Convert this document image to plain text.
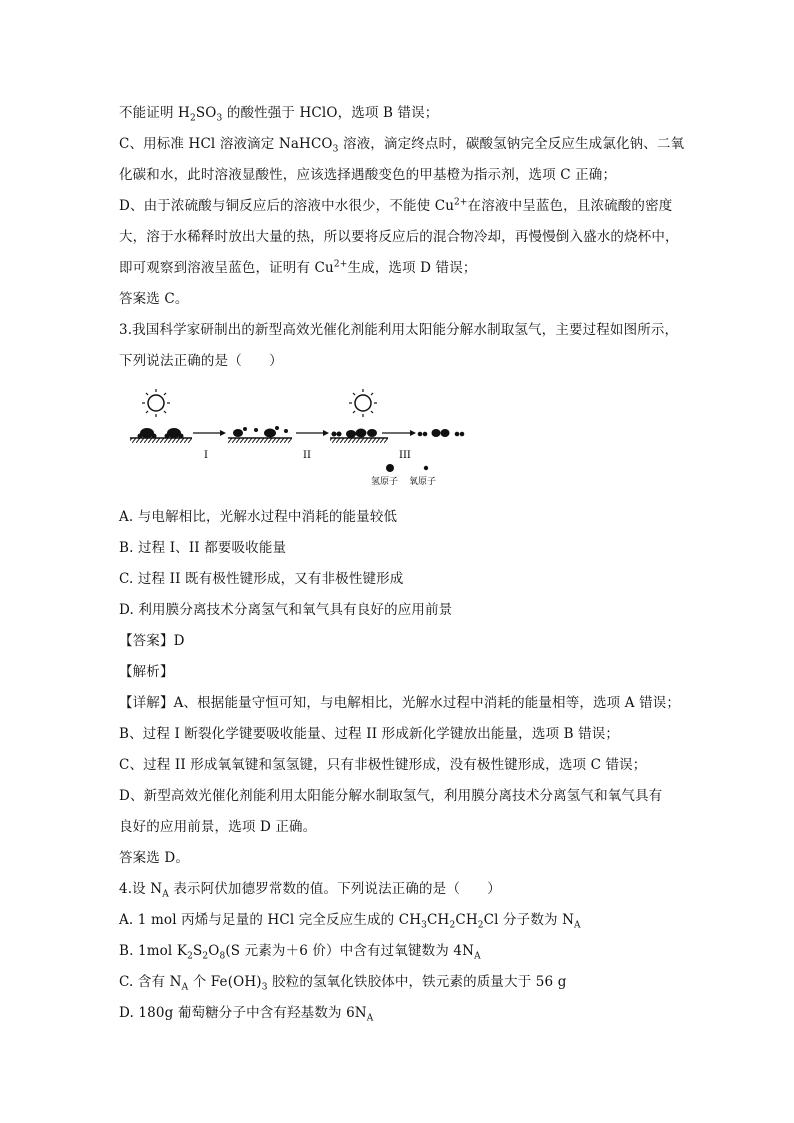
不能证明 $H_2SO_3$ 的酸性强于 HClO，选项 B 错误；
C、用标准 HCl 溶液滴定 NaHCO$_3$ 溶液，滴定终点时，碳酸氢钠完全反应生成氯化钠、二氧
化碳和水，此时溶液显酸性，应该选择遇酸变色的甲基橙为指示剂，选项 C 正确；
D、由于浓硫酸与铜反应后的溶液中水很少，不能使 $Cu^{2+}$在溶液中呈蓝色，且浓硫酸的密度
大，溶于水稀释时放出大量的热，所以要将反应后的混合物冷却，再慢慢倒入盛水的烧杯中，
即可观察到溶液呈蓝色，证明有 $Cu^{2+}$生成，选项 D 错误；
答案选 C。
3.我国科学家研制出的新型高效光催化剂能利用太阳能分解水制取氢气，主要过程如图所示，
下列说法正确的是（　　）
I	II	III
氢原子 氧原子
A. 与电解相比，光解水过程中消耗的能量较低
B. 过程 I、II 都要吸收能量
C. 过程 II 既有极性键形成，又有非极性键形成
D. 利用膜分离技术分离氢气和氧气具有良好的应用前景
【答案】D
【解析】
【详解】A、根据能量守恒可知，与电解相比，光解水过程中消耗的能量相等，选项 A 错误；
B、过程 I 断裂化学键要吸收能量、过程 II 形成新化学键放出能量，选项 B 错误；
C、过程 II 形成氧氧键和氢氢键，只有非极性键形成，没有极性键形成，选项 C 错误；
D、新型高效光催化剂能利用太阳能分解水制取氢气，利用膜分离技术分离氢气和氧气具有
良好的应用前景，选项 D 正确。
答案选 D。
4.设 $N_A$ 表示阿伏加德罗常数的值。下列说法正确的是（　　）
A. 1 mol 丙烯与足量的 HCl 完全反应生成的 $CH_3CH_2CH_2Cl$ 分子数为 $N_A$
B. 1mol $K_2S_2O_8(S$ 元素为＋6 价）中含有过氧键数为 $4N_A$
C. 含有 $N_A$ 个 $Fe(OH)_3$ 胶粒的氢氧化铁胶体中，铁元素的质量大于 56 g
D. 180g 葡萄糖分子中含有羟基数为 $6N_A$
